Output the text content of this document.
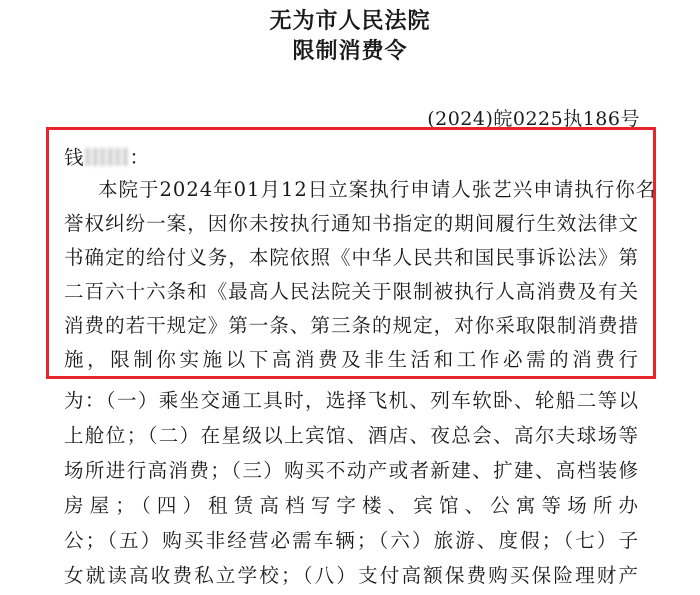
无为市人民法院
限制消费令
(2024)皖0225执186号
钱 ：
本院于2024年01月12日立案执行申请人张艺兴申请执行你名
誉权纠纷一案，因你未按执行通知书指定的期间履行生效法律文
书确定的给付义务，本院依照《中华人民共和国民事诉讼法》第
二百六十六条和《最高人民法院关于限制被执行人高消费及有关
消费的若干规定》第一条、第三条的规定，对你采取限制消费措
施，限制你实施以下高消费及非生活和工作必需的消费行
为：（一）乘坐交通工具时，选择飞机、列车软卧、轮船二等以
上舱位；（二）在星级以上宾馆、酒店、夜总会、高尔夫球场等
场所进行高消费；（三）购买不动产或者新建、扩建、高档装修
房屋；（四）租赁高档写字楼、宾馆、公寓等场所办
公；（五）购买非经营必需车辆；（六）旅游、度假；（七）子
女就读高收费私立学校；（八）支付高额保费购买保险理财产
